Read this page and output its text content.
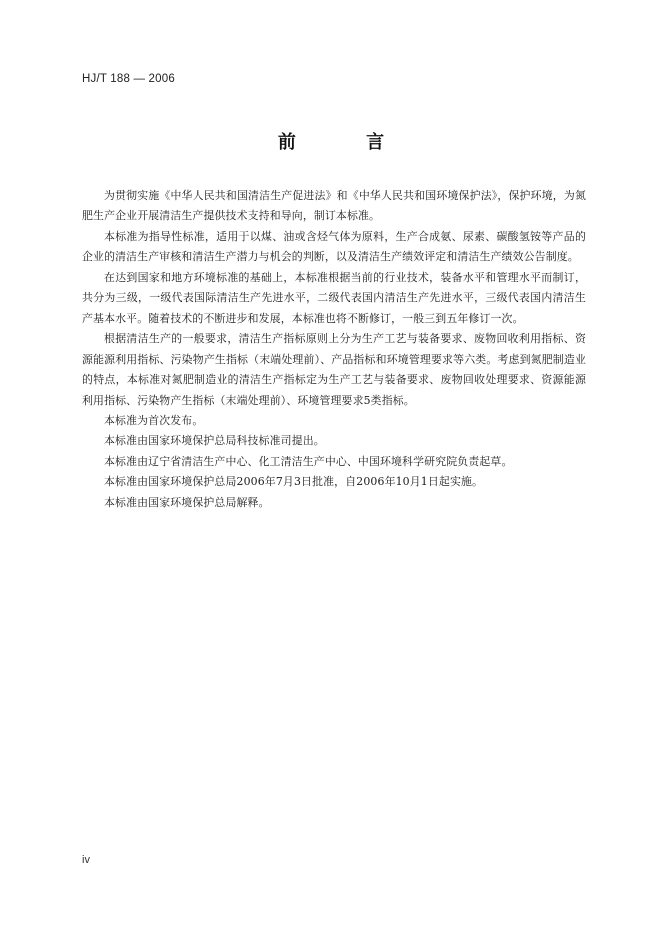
HJ/T 188 — 2006

前 言

为贯彻实施《中华人民共和国清洁生产促进法》和《中华人民共和国环境保护法》，保护环境，为氮肥生产企业开展清洁生产提供技术支持和导向，制订本标准。

本标准为指导性标准，适用于以煤、油或含烃气体为原料，生产合成氨、尿素、碳酸氢铵等产品的企业的清洁生产审核和清洁生产潜力与机会的判断，以及清洁生产绩效评定和清洁生产绩效公告制度。

在达到国家和地方环境标准的基础上，本标准根据当前的行业技术，装备水平和管理水平而制订，共分为三级，一级代表国际清洁生产先进水平，二级代表国内清洁生产先进水平，三级代表国内清洁生产基本水平。随着技术的不断进步和发展，本标准也将不断修订，一般三到五年修订一次。

根据清洁生产的一般要求，清洁生产指标原则上分为生产工艺与装备要求、废物回收利用指标、资源能源利用指标、污染物产生指标（末端处理前）、产品指标和环境管理要求等六类。考虑到氮肥制造业的特点，本标准对氮肥制造业的清洁生产指标定为生产工艺与装备要求、废物回收处理要求、资源能源利用指标、污染物产生指标（末端处理前）、环境管理要求5类指标。

本标准为首次发布。

本标准由国家环境保护总局科技标准司提出。

本标准由辽宁省清洁生产中心、化工清洁生产中心、中国环境科学研究院负责起草。

本标准由国家环境保护总局2006年7月3日批准，自2006年10月1日起实施。

本标准由国家环境保护总局解释。

iv
